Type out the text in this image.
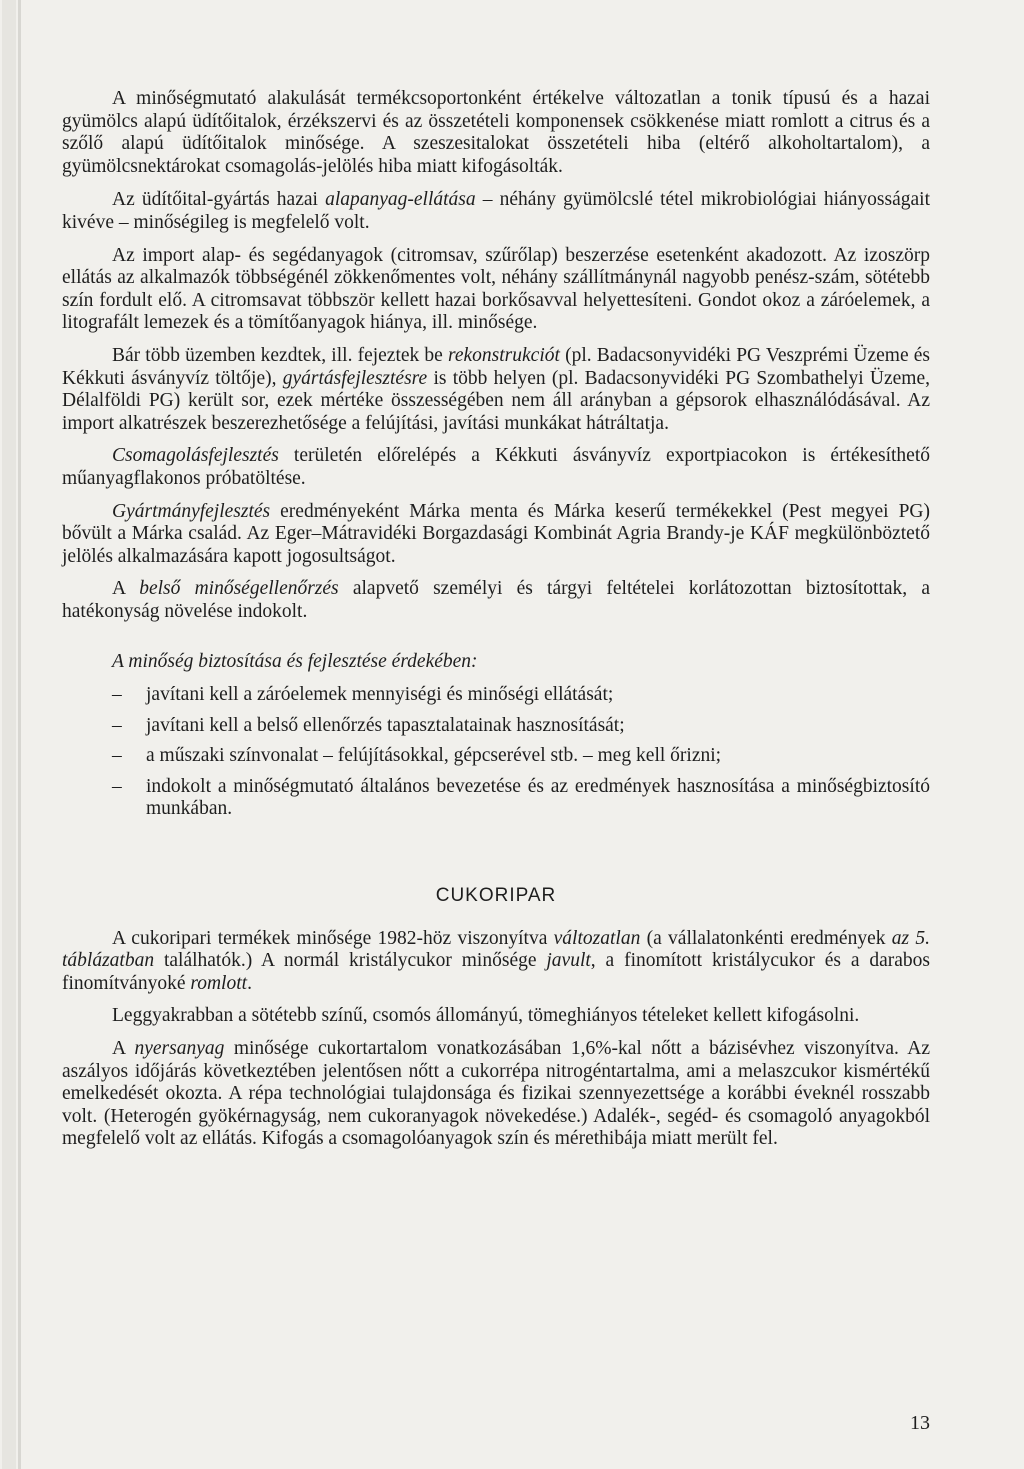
A minőségmutató alakulását termékcsoportonként értékelve változatlan a tonik típusú és a hazai gyümölcs alapú üdítőitalok, érzékszervi és az összetételi komponensek csökkenése miatt romlott a citrus és a szőlő alapú üdítőitalok minősége. A szeszesitalokat összetételi hiba (eltérő alkoholtartalom), a gyümölcsnektárokat csomagolás-jelölés hiba miatt kifogásolták.

Az üdítőital-gyártás hazai alapanyag-ellátása – néhány gyümölcslé tétel mikrobiológiai hiányosságait kivéve – minőségileg is megfelelő volt.

Az import alap- és segédanyagok (citromsav, szűrőlap) beszerzése esetenként akadozott. Az izoszörp ellátás az alkalmazók többségénél zökkenőmentes volt, néhány szállítmánynál nagyobb penész-szám, sötétebb szín fordult elő. A citromsavat többször kellett hazai borkősavval helyettesíteni. Gondot okoz a záróelemek, a litografált lemezek és a tömítőanyagok hiánya, ill. minősége.

Bár több üzemben kezdtek, ill. fejeztek be rekonstrukciót (pl. Badacsonyvidéki PG Veszprémi Üzeme és Kékkuti ásványvíz töltője), gyártásfejlesztésre is több helyen (pl. Badacsonyvidéki PG Szombathelyi Üzeme, Délalföldi PG) került sor, ezek mértéke összességében nem áll arányban a gépsorok elhasználódásával. Az import alkatrészek beszerezhetősége a felújítási, javítási munkákat hátráltatja.

Csomagolásfejlesztés területén előrelépés a Kékkuti ásványvíz exportpiacokon is értékesíthető műanyagflakonos próbatöltése.

Gyártmányfejlesztés eredményeként Márka menta és Márka keserű termékekkel (Pest megyei PG) bővült a Márka család. Az Eger–Mátravidéki Borgazdasági Kombinát Agria Brandy-je KÁF megkülönböztető jelölés alkalmazására kapott jogosultságot.

A belső minőségellenőrzés alapvető személyi és tárgyi feltételei korlátozottan biztosítottak, a hatékonyság növelése indokolt.

A minőség biztosítása és fejlesztése érdekében:
– javítani kell a záróelemek mennyiségi és minőségi ellátását;
– javítani kell a belső ellenőrzés tapasztalatainak hasznosítását;
– a műszaki színvonalat – felújításokkal, gépcserével stb. – meg kell őrizni;
– indokolt a minőségmutató általános bevezetése és az eredmények hasznosítása a minőségbiztosító munkában.
CUKORIPAR

A cukoripari termékek minősége 1982-höz viszonyítva változatlan (a vállalatonkénti eredmények az 5. táblázatban találhatók.) A normál kristálycukor minősége javult, a finomított kristálycukor és a darabos finomítványoké romlott.

Leggyakrabban a sötétebb színű, csomós állományú, tömeghiányos tételeket kellett kifogásolni.

A nyersanyag minősége cukortartalom vonatkozásában 1,6%-kal nőtt a bázisévhez viszonyítva. Az aszályos időjárás következtében jelentősen nőtt a cukorrépa nitrogéntartalma, ami a melaszcukor kismértékű emelkedését okozta. A répa technológiai tulajdonsága és fizikai szennyezettsége a korábbi éveknél rosszabb volt. (Heterogén gyökérnagyság, nem cukoranyagok növekedése.) Adalék-, segéd- és csomagoló anyagokból megfelelő volt az ellátás. Kifogás a csomagolóanyagok szín és mérethibája miatt merült fel.

13
